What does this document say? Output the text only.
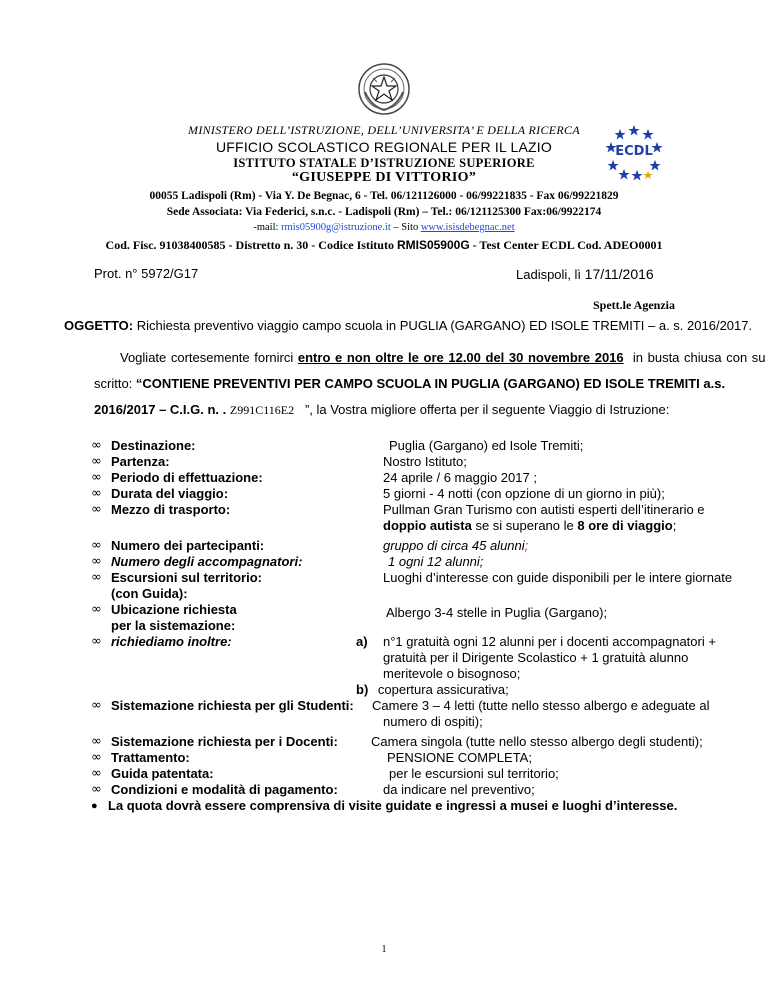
ECDL
MINISTERO DELL’ISTRUZIONE, DELL’UNIVERSITA’ E DELLA RICERCA
UFFICIO SCOLASTICO REGIONALE PER IL LAZIO
ISTITUTO STATALE D’ISTRUZIONE SUPERIORE
“GIUSEPPE DI VITTORIO”
00055 Ladispoli (Rm) - Via Y. De Begnac, 6 - Tel. 06/121126000 - 06/99221835 - Fax 06/99221829
Sede Associata: Via Federici, s.n.c. - Ladispoli (Rm) – Tel.: 06/121125300 Fax:06/9922174
-mail: rmis05900g@istruzione.it – Sito www.isisdebegnac.net
Cod. Fisc. 91038400585 - Distretto n. 30 - Codice Istituto RMIS05900G - Test Center ECDL Cod. ADEO0001
Prot. n° 5972/G17	Ladispoli, lì 17/11/2016
Spett.le Agenzia
OGGETTO: Richiesta preventivo viaggio campo scuola in PUGLIA (GARGANO) ED ISOLE TREMITI – a. s. 2016/2017.
Vogliate cortesemente fornirci entro e non oltre le ore 12.00 del 30 novembre 2016 in busta chiusa con su
scritto: “CONTIENE PREVENTIVI PER CAMPO SCUOLA IN PUGLIA (GARGANO) ED ISOLE TREMITI a.s.
2016/2017 – C.I.G. n. . Z991C116E2 ”, la Vostra migliore offerta per il seguente Viaggio di Istruzione:
∞ Destinazione:	Puglia (Gargano) ed Isole Tremiti;
∞ Partenza:	Nostro Istituto;
∞ Periodo di effettuazione:	24 aprile / 6 maggio 2017 ;
∞ Durata del viaggio:	5 giorni - 4 notti (con opzione di un giorno in più);
∞ Mezzo di trasporto:	Pullman Gran Turismo con autisti esperti dell’itinerario e
doppio autista se si superano le 8 ore di viaggio;
∞ Numero dei partecipanti:	gruppo di circa 45 alunni;
∞ Numero degli accompagnatori:	1 ogni 12 alunni;
∞ Escursioni sul territorio:	Luoghi d’interesse con guide disponibili per le intere giornate
(con Guida):
∞ Ubicazione richiesta	Albergo 3-4 stelle in Puglia (Gargano);
per la sistemazione:
∞ richiediamo inoltre:	a) n°1 gratuità ogni 12 alunni per i docenti accompagnatori +
gratuità per il Dirigente Scolastico + 1 gratuità alunno
meritevole o bisognoso;
b) copertura assicurativa;
∞ Sistemazione richiesta per gli Studenti: Camere 3 – 4 letti (tutte nello stesso albergo e adeguate al
numero di ospiti);
∞ Sistemazione richiesta per i Docenti:	Camera singola (tutte nello stesso albergo degli studenti);
∞ Trattamento:	PENSIONE COMPLETA;
∞ Guida patentata:	per le escursioni sul territorio;
∞ Condizioni e modalità di pagamento:	da indicare nel preventivo;
● La quota dovrà essere comprensiva di visite guidate e ingressi a musei e luoghi d’interesse.
1
